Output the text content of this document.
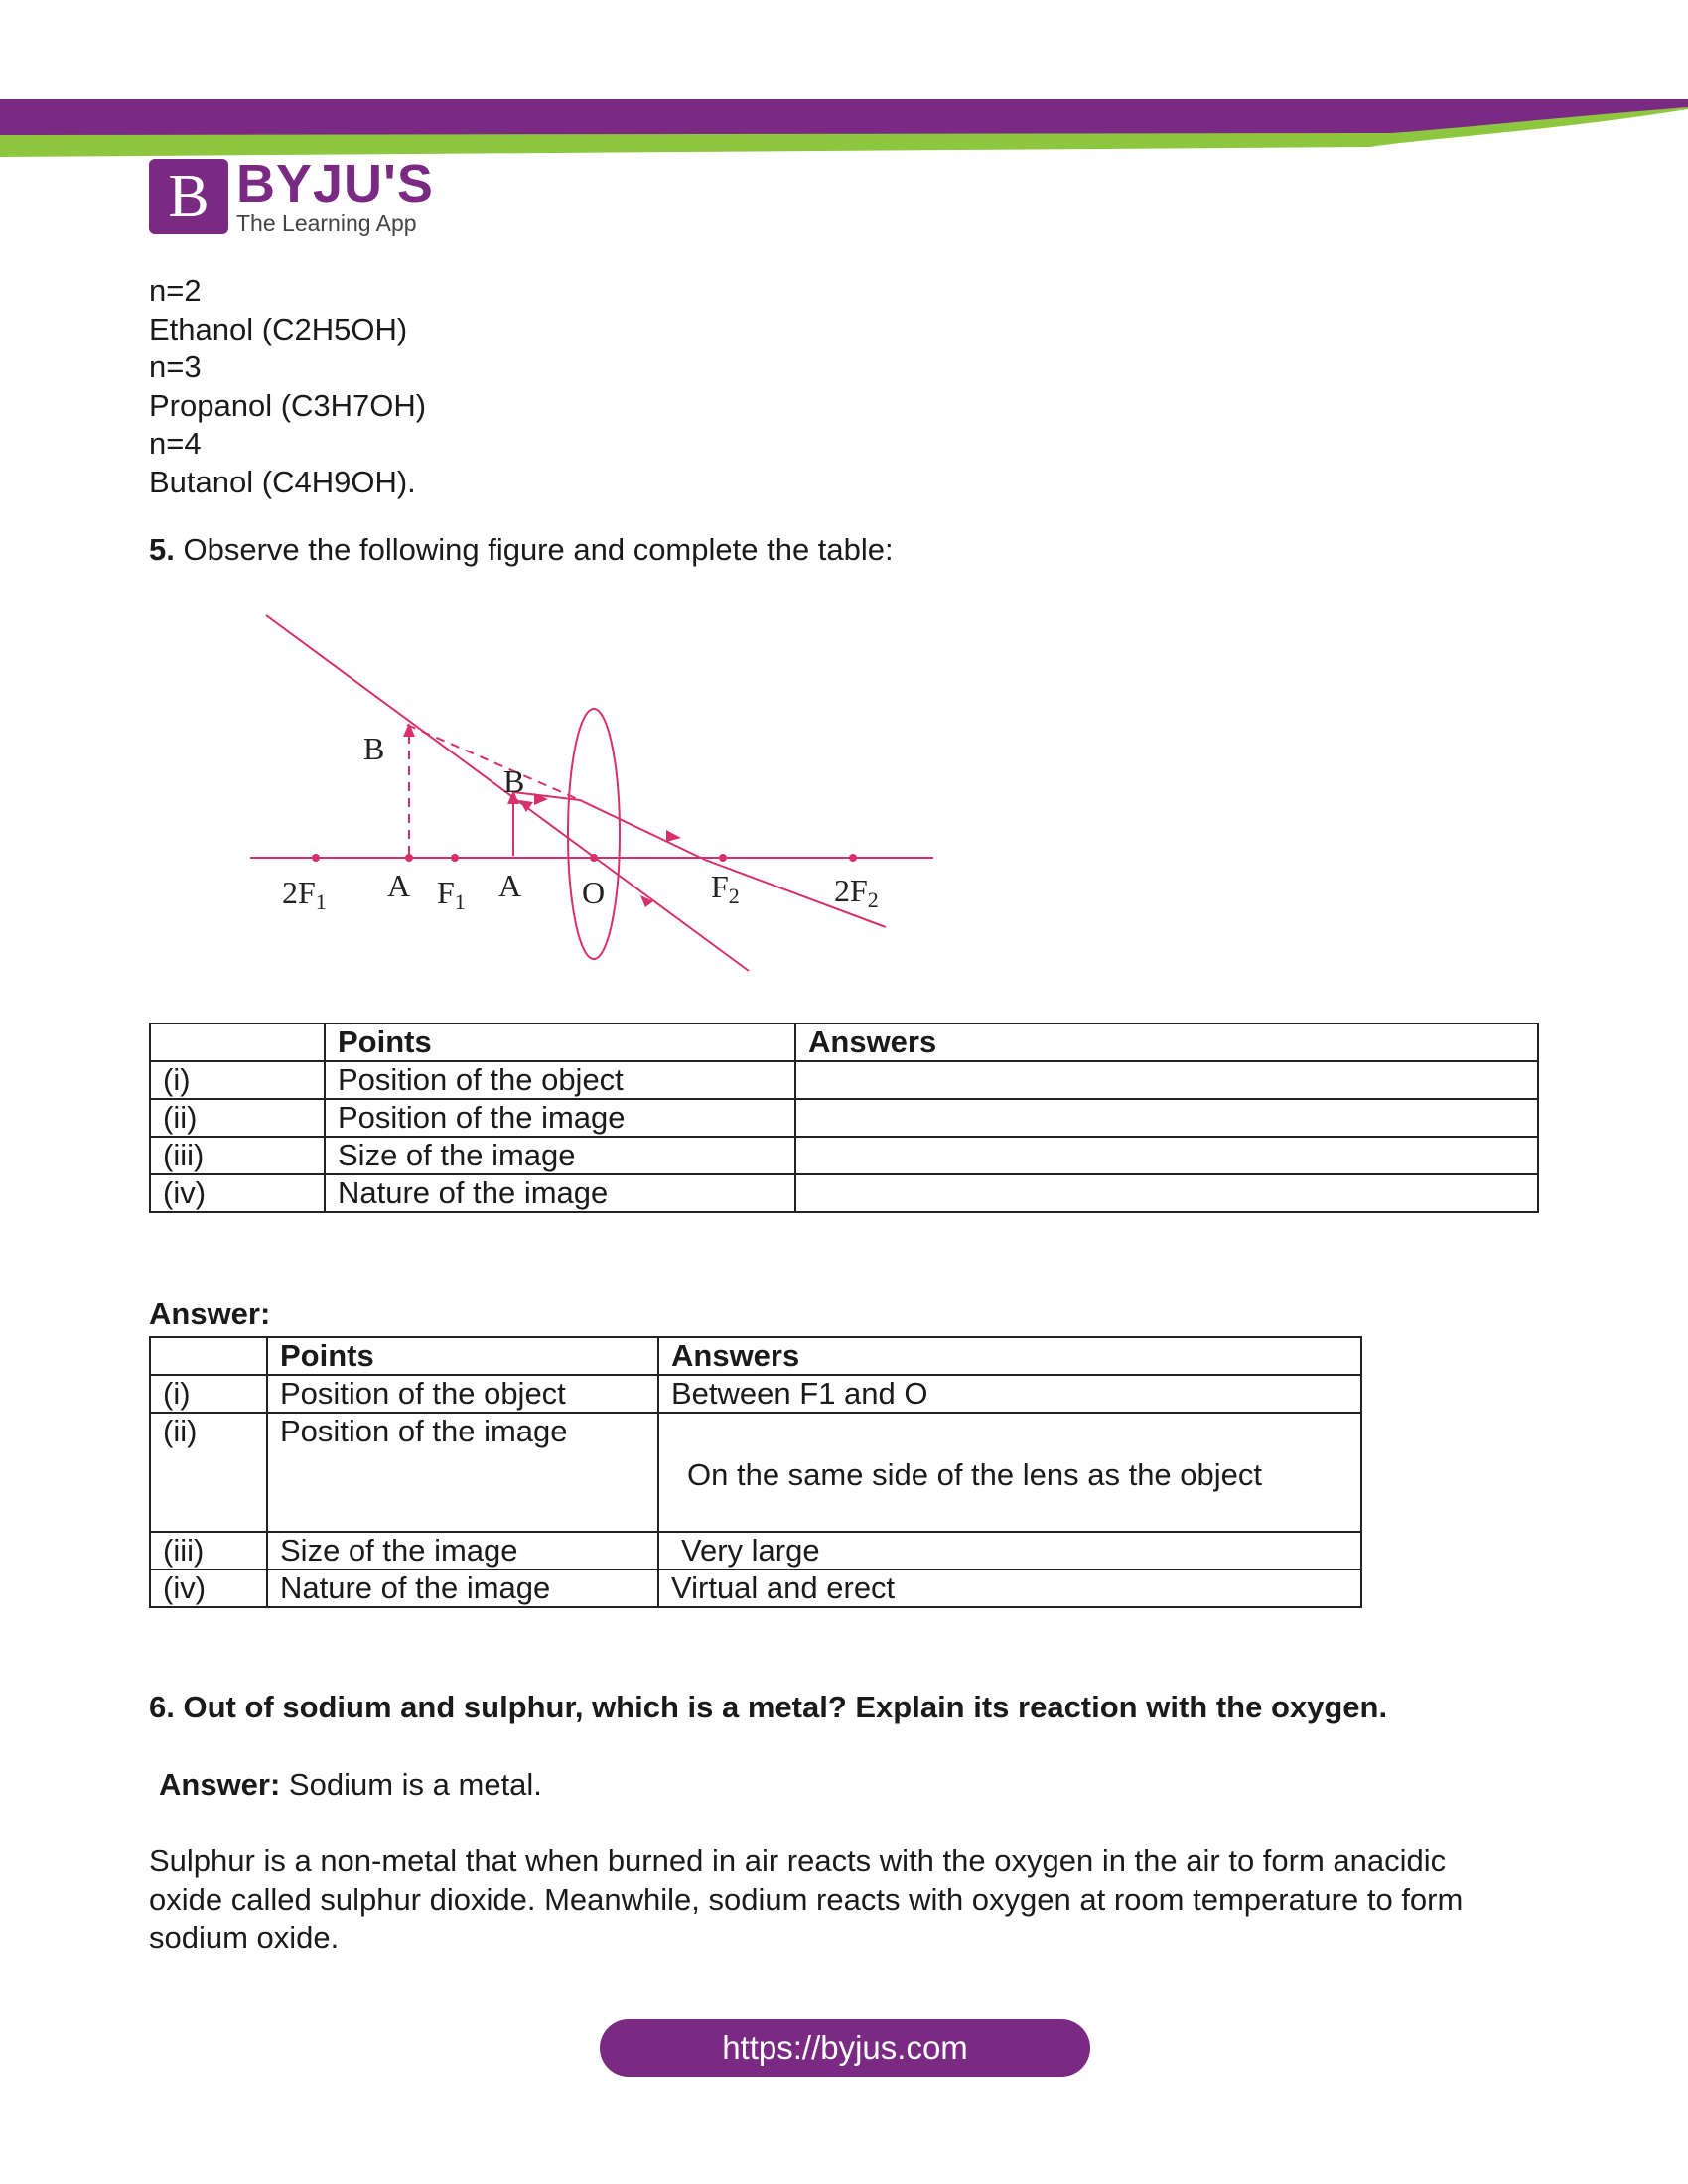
B BYJU'S
The Learning App
n=2
Ethanol (C2H5OH)
n=3
Propanol (C3H7OH)
n=4
Butanol (C4H9OH).
5. Observe the following figure and complete the table:
B
B
2F1 A F1 A O	F2	2F2
	Points	Answers
(i)	Position of the object	
(ii)	Position of the image	
(iii)	Size of the image	
(iv)	Nature of the image	
Answer:
	Points	Answers
(i)	Position of the object	Between F1 and O
(ii)	Position of the image	On the same side of the lens as the object
(iii)	Size of the image	Very large
(iv)	Nature of the image	Virtual and erect
6. Out of sodium and sulphur, which is a metal? Explain its reaction with the oxygen.
Answer: Sodium is a metal.
Sulphur is a non-metal that when burned in air reacts with the oxygen in the air to form anacidic oxide called sulphur dioxide. Meanwhile, sodium reacts with oxygen at room temperature to form sodium oxide.
https://byjus.com
